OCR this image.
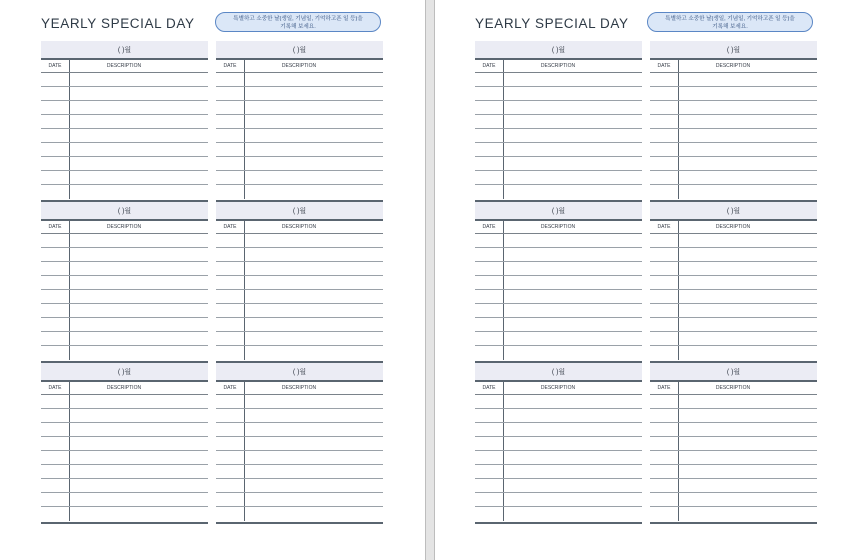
YEARLY SPECIAL DAY	특별하고 소중한 날(생일, 기념일, 기억하고픈 일 등)을
기록해 보세요.
( )월
DATE	DESCRIPTION
( )월
DATE	DESCRIPTION
( )월
DATE	DESCRIPTION
( )월
DATE	DESCRIPTION
( )월
DATE	DESCRIPTION
( )월
DATE	DESCRIPTION
YEARLY SPECIAL DAY	특별하고 소중한 날(생일, 기념일, 기억하고픈 일 등)을
기록해 보세요.
( )월
DATE	DESCRIPTION
( )월
DATE	DESCRIPTION
( )월
DATE	DESCRIPTION
( )월
DATE	DESCRIPTION
( )월
DATE	DESCRIPTION
( )월
DATE	DESCRIPTION
